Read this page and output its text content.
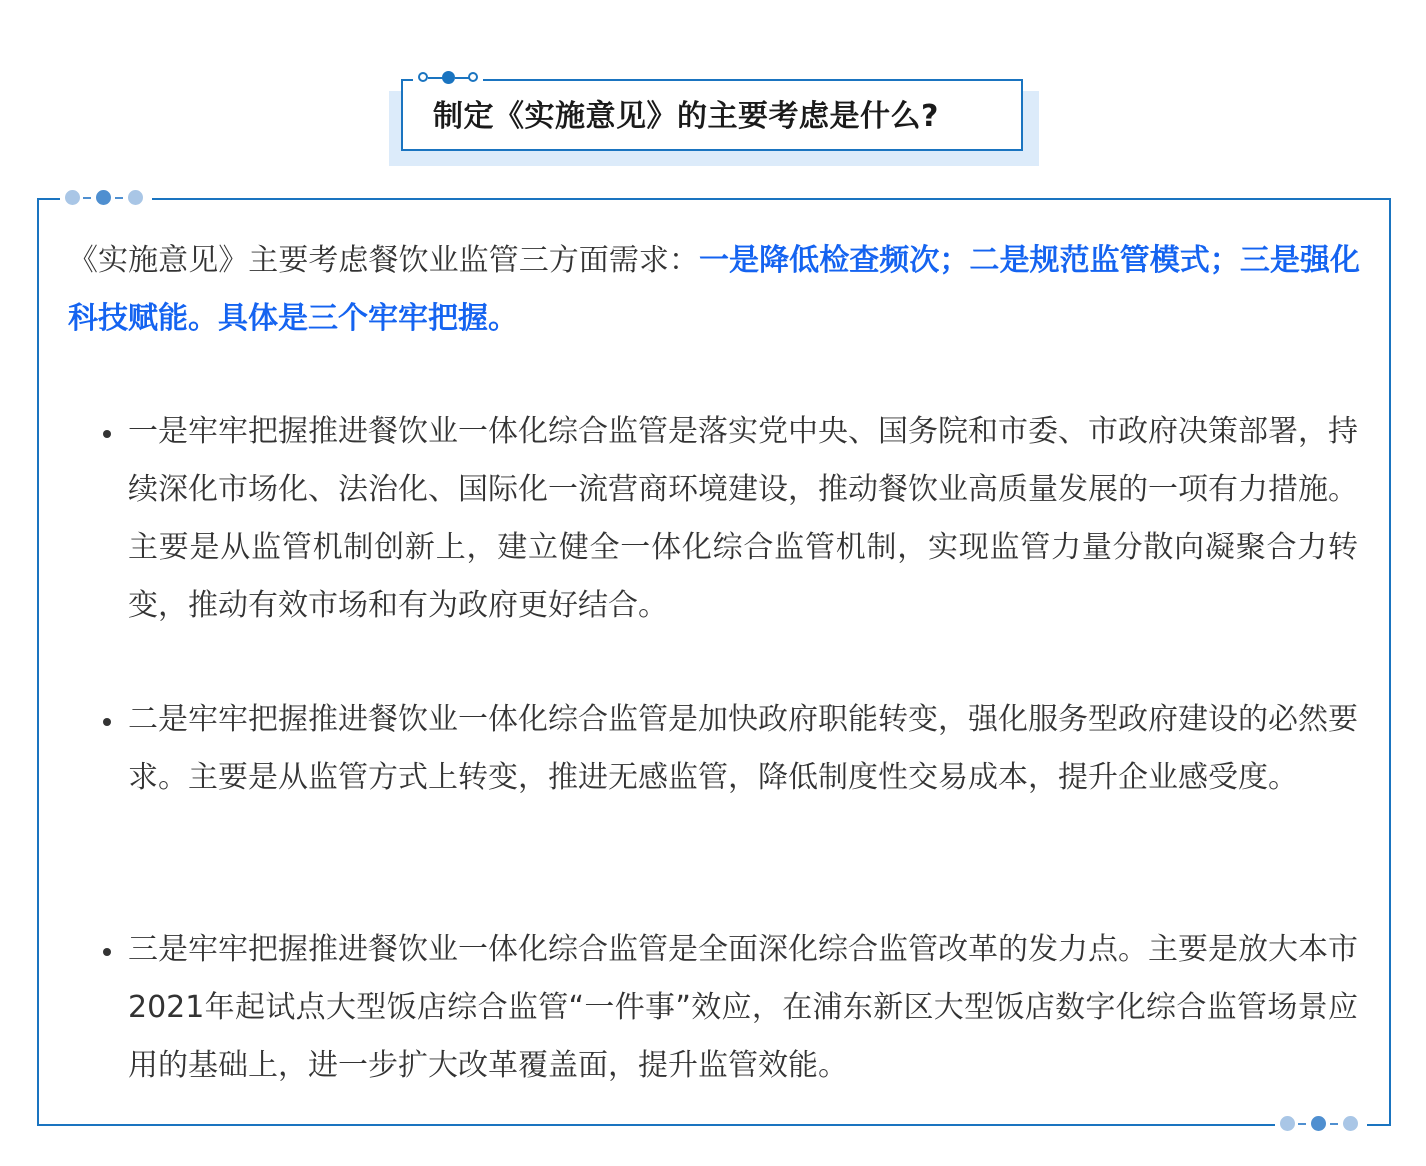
制定《实施意见》的主要考虑是什么?

《实施意见》主要考虑餐饮业监管三方面需求：一是降低检查频次；二是规范监管模式；三是强化科技赋能。具体是三个牢牢把握。

一是牢牢把握推进餐饮业一体化综合监管是落实党中央、国务院和市委、市政府决策部署，持续深化市场化、法治化、国际化一流营商环境建设，推动餐饮业高质量发展的一项有力措施。主要是从监管机制创新上，建立健全一体化综合监管机制，实现监管力量分散向凝聚合力转变，推动有效市场和有为政府更好结合。

二是牢牢把握推进餐饮业一体化综合监管是加快政府职能转变，强化服务型政府建设的必然要求。主要是从监管方式上转变，推进无感监管，降低制度性交易成本，提升企业感受度。

三是牢牢把握推进餐饮业一体化综合监管是全面深化综合监管改革的发力点。主要是放大本市2021年起试点大型饭店综合监管“一件事”效应，在浦东新区大型饭店数字化综合监管场景应用的基础上，进一步扩大改革覆盖面，提升监管效能。
